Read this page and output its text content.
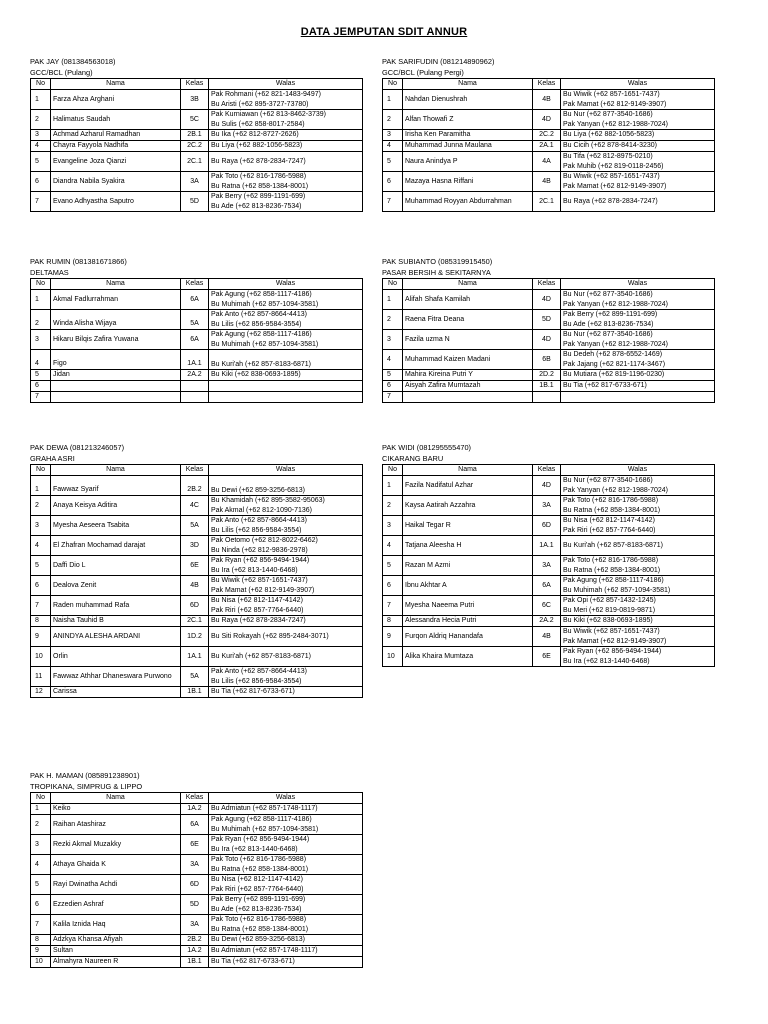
DATA JEMPUTAN SDIT ANNUR
PAK JAY (081384563018)
GCC/BCL (Pulang)
No	Nama	Kelas	Walas
1	Farza Ahza Arghani	3B	Pak Rohmani (+62 821-1483-9497)
Bu Aristi (+62 895-3727-73780)

2	Halimatus Saudah	5C	Pak Kurniawan (+62 813-8462-3739)
Bu Sulis (+62 858-8017-2584)

3	Achmad Azharul Ramadhan	2B.1	Bu Ika (+62 812-8727-2626)

4	Chayra Fayyola Nadhifa	2C.2	Bu Liya (+62 882-1056-5823)

5	Evangeline Joza Qianzi	2C.1	Bu Raya (+62 878-2834-7247)

6	Diandra Nabila Syakira	3A	Pak Toto (+62 816-1786-5988)
Bu Ratna (+62 858-1384-8001)

7	Evano Adhyastha Saputro	5D	Pak Berry (+62 899-1191-699)
Bu Ade (+62 813-8236-7534)
PAK SARIFUDIN (081214890962)
GCC/BCL (Pulang Pergi)
No	Nama	Kelas	Walas
1	Nahdan Dienushrah	4B	Bu Wiwik (+62 857-1651-7437)
Pak Mamat (+62 812-9149-3907)

2	Alfan Thowafi Z	4D	Bu Nur (+62 877-3540-1686)
Pak Yanyan (+62 812-1988-7024)

3	Irisha Ken Paramitha	2C.2	Bu Liya (+62 882-1056-5823)

4	Muhammad Junna Maulana	2A.1	Bu Cicih (+62 878-8414-3230)

5	Naura Anindya P	4A	Bu Tifa (+62 812-8975-0210)
Pak Muhib (+62 819-0118-2456)

6	Mazaya Hasna Riffani	4B	Bu Wiwik (+62 857-1651-7437)
Pak Mamat (+62 812-9149-3907)

7	Muhammad Royyan Abdurrahman	2C.1	Bu Raya (+62 878-2834-7247)
PAK RUMIN (081381671866)
DELTAMAS
No	Nama	Kelas	Walas
1	Akmal Fadlurrahman	6A	Pak Agung (+62 858-1117-4186)
Bu Muhimah (+62 857-1094-3581)

2	Winda Alisha Wijaya	5A	Pak Anto (+62 857-8664-4413)
Bu Lilis (+62 856-9584-3554)

3	Hikaru Bilqis Zafira Yuwana	6A	Pak Agung (+62 858-1117-4186)
Bu Muhimah (+62 857-1094-3581)

4	Figo	1A.1	Bu Kuri'ah (+62 857-8183-6871)

5	Jidan	2A.2	Bu Kiki (+62 838-0693-1895)

6			

7			
PAK SUBIANTO (085319915450)
PASAR BERSIH & SEKITARNYA
No	Nama	Kelas	Walas
1	Alifah Shafa Kamilah	4D	Bu Nur (+62 877-3540-1686)
Pak Yanyan (+62 812-1988-7024)

2	Raena Fitra Deana	5D	Pak Berry (+62 899-1191-699)
Bu Ade (+62 813-8236-7534)

3	Fazila uzma N	4D	Bu Nur (+62 877-3540-1686)
Pak Yanyan (+62 812-1988-7024)

4	Muhammad Kaizen Madani	6B	Bu Dedeh (+62 878-6552-1469)
Pak Jajang (+62 821-1174-3467)

5	Mahira Kireina Putri Y	2D.2	Bu Mutiara (+62 819-1196-0230)

6	Aisyah Zafira Mumtazah	1B.1	Bu Tia (+62 817-6733-671)

7			
PAK DEWA (081213246057)
GRAHA ASRI
No	Nama	Kelas	Walas
1	Fawwaz Syarif	2B.2	Bu Dewi (+62 859-3256-6813)

2	Anaya Keisya Aditira	4C	Bu Khamidah (+62 895-3582-95063)
Pak Akmal (+62 812-1090-7136)

3	Myesha Aeseera Tsabita	5A	Pak Anto (+62 857-8664-4413)
Bu Lilis (+62 856-9584-3554)

4	El Zhafran Mochamad darajat	3D	Pak Oetomo (+62 812-8022-6462)
Bu Ninda (+62 812-9836-2978)

5	Daffi Dio L	6E	Pak Ryan (+62 856-9494-1944)
Bu Ira (+62 813-1440-6468)

6	Dealova Zenit	4B	Bu Wiwik (+62 857-1651-7437)
Pak Mamat (+62 812-9149-3907)

7	Raden muhammad Rafa	6D	Bu Nisa (+62 812-1147-4142)
Pak Riri (+62 857-7764-6440)

8	Naisha Tauhid B	2C.1	Bu Raya (+62 878-2834-7247)

9	ANINDYA ALESHA ARDANI	1D.2	Bu Siti Rokayah (+62 895-2484-3071)

10	Orlin	1A.1	Bu Kuri'ah (+62 857-8183-6871)

11	Fawwaz Athhar Dhaneswara Purwono	5A	Pak Anto (+62 857-8664-4413)
Bu Lilis (+62 856-9584-3554)

12	Carissa	1B.1	Bu Tia (+62 817-6733-671)
PAK WIDI (081295555470)
CIKARANG BARU
No	Nama	Kelas	Walas
1	Fazila Nadifatul Azhar	4D	Bu Nur (+62 877-3540-1686)
Pak Yanyan (+62 812-1988-7024)

2	Kaysa Aatirah Azzahra	3A	Pak Toto (+62 816-1786-5988)
Bu Ratna (+62 858-1384-8001)

3	Haikal Tegar R	6D	Bu Nisa (+62 812-1147-4142)
Pak Riri (+62 857-7764-6440)

4	Tatjana Aleesha H	1A.1	Bu Kuri'ah (+62 857-8183-6871)

5	Razan M Azmi	3A	Pak Toto (+62 816-1786-5988)
Bu Ratna (+62 858-1384-8001)

6	Ibnu Akhtar A	6A	Pak Agung (+62 858-1117-4186)
Bu Muhimah (+62 857-1094-3581)

7	Myesha Naeema Putri	6C	Pak Opi (+62 857-1432-1245)
Bu Meri (+62 819-0819-9871)

8	Alessandra Hecia Putri	2A.2	Bu Kiki (+62 838-0693-1895)

9	Furqon Aldriq Hanandafa	4B	Bu Wiwik (+62 857-1651-7437)
Pak Mamat (+62 812-9149-3907)

10	Alika Khaira Mumtaza	6E	Pak Ryan (+62 856-9494-1944)
Bu Ira (+62 813-1440-6468)
PAK H. MAMAN (085891238901)
TROPIKANA, SIMPRUG & LIPPO
No	Nama	Kelas	Walas
1	Keiko	1A.2	Bu Admiatun (+62 857-1748-1117)

2	Raihan Atashiraz	6A	Pak Agung (+62 858-1117-4186)
Bu Muhimah (+62 857-1094-3581)

3	Rezki Akmal Muzakky	6E	Pak Ryan (+62 856-9494-1944)
Bu Ira (+62 813-1440-6468)

4	Athaya Ghaida K	3A	Pak Toto (+62 816-1786-5988)
Bu Ratna (+62 858-1384-8001)

5	Rayi Dwinatha Achdi	6D	Bu Nisa (+62 812-1147-4142)
Pak Riri (+62 857-7764-6440)

6	Ezzedien Ashraf	5D	Pak Berry (+62 899-1191-699)
Bu Ade (+62 813-8236-7534)

7	Kalila Iznida Haq	3A	Pak Toto (+62 816-1786-5988)
Bu Ratna (+62 858-1384-8001)

8	Adzkya Khansa Afiyah	2B.2	Bu Dewi (+62 859-3256-6813)

9	Sultan	1A.2	Bu Admiatun (+62 857-1748-1117)

10	Almahyra Naureen R	1B.1	Bu Tia (+62 817-6733-671)
